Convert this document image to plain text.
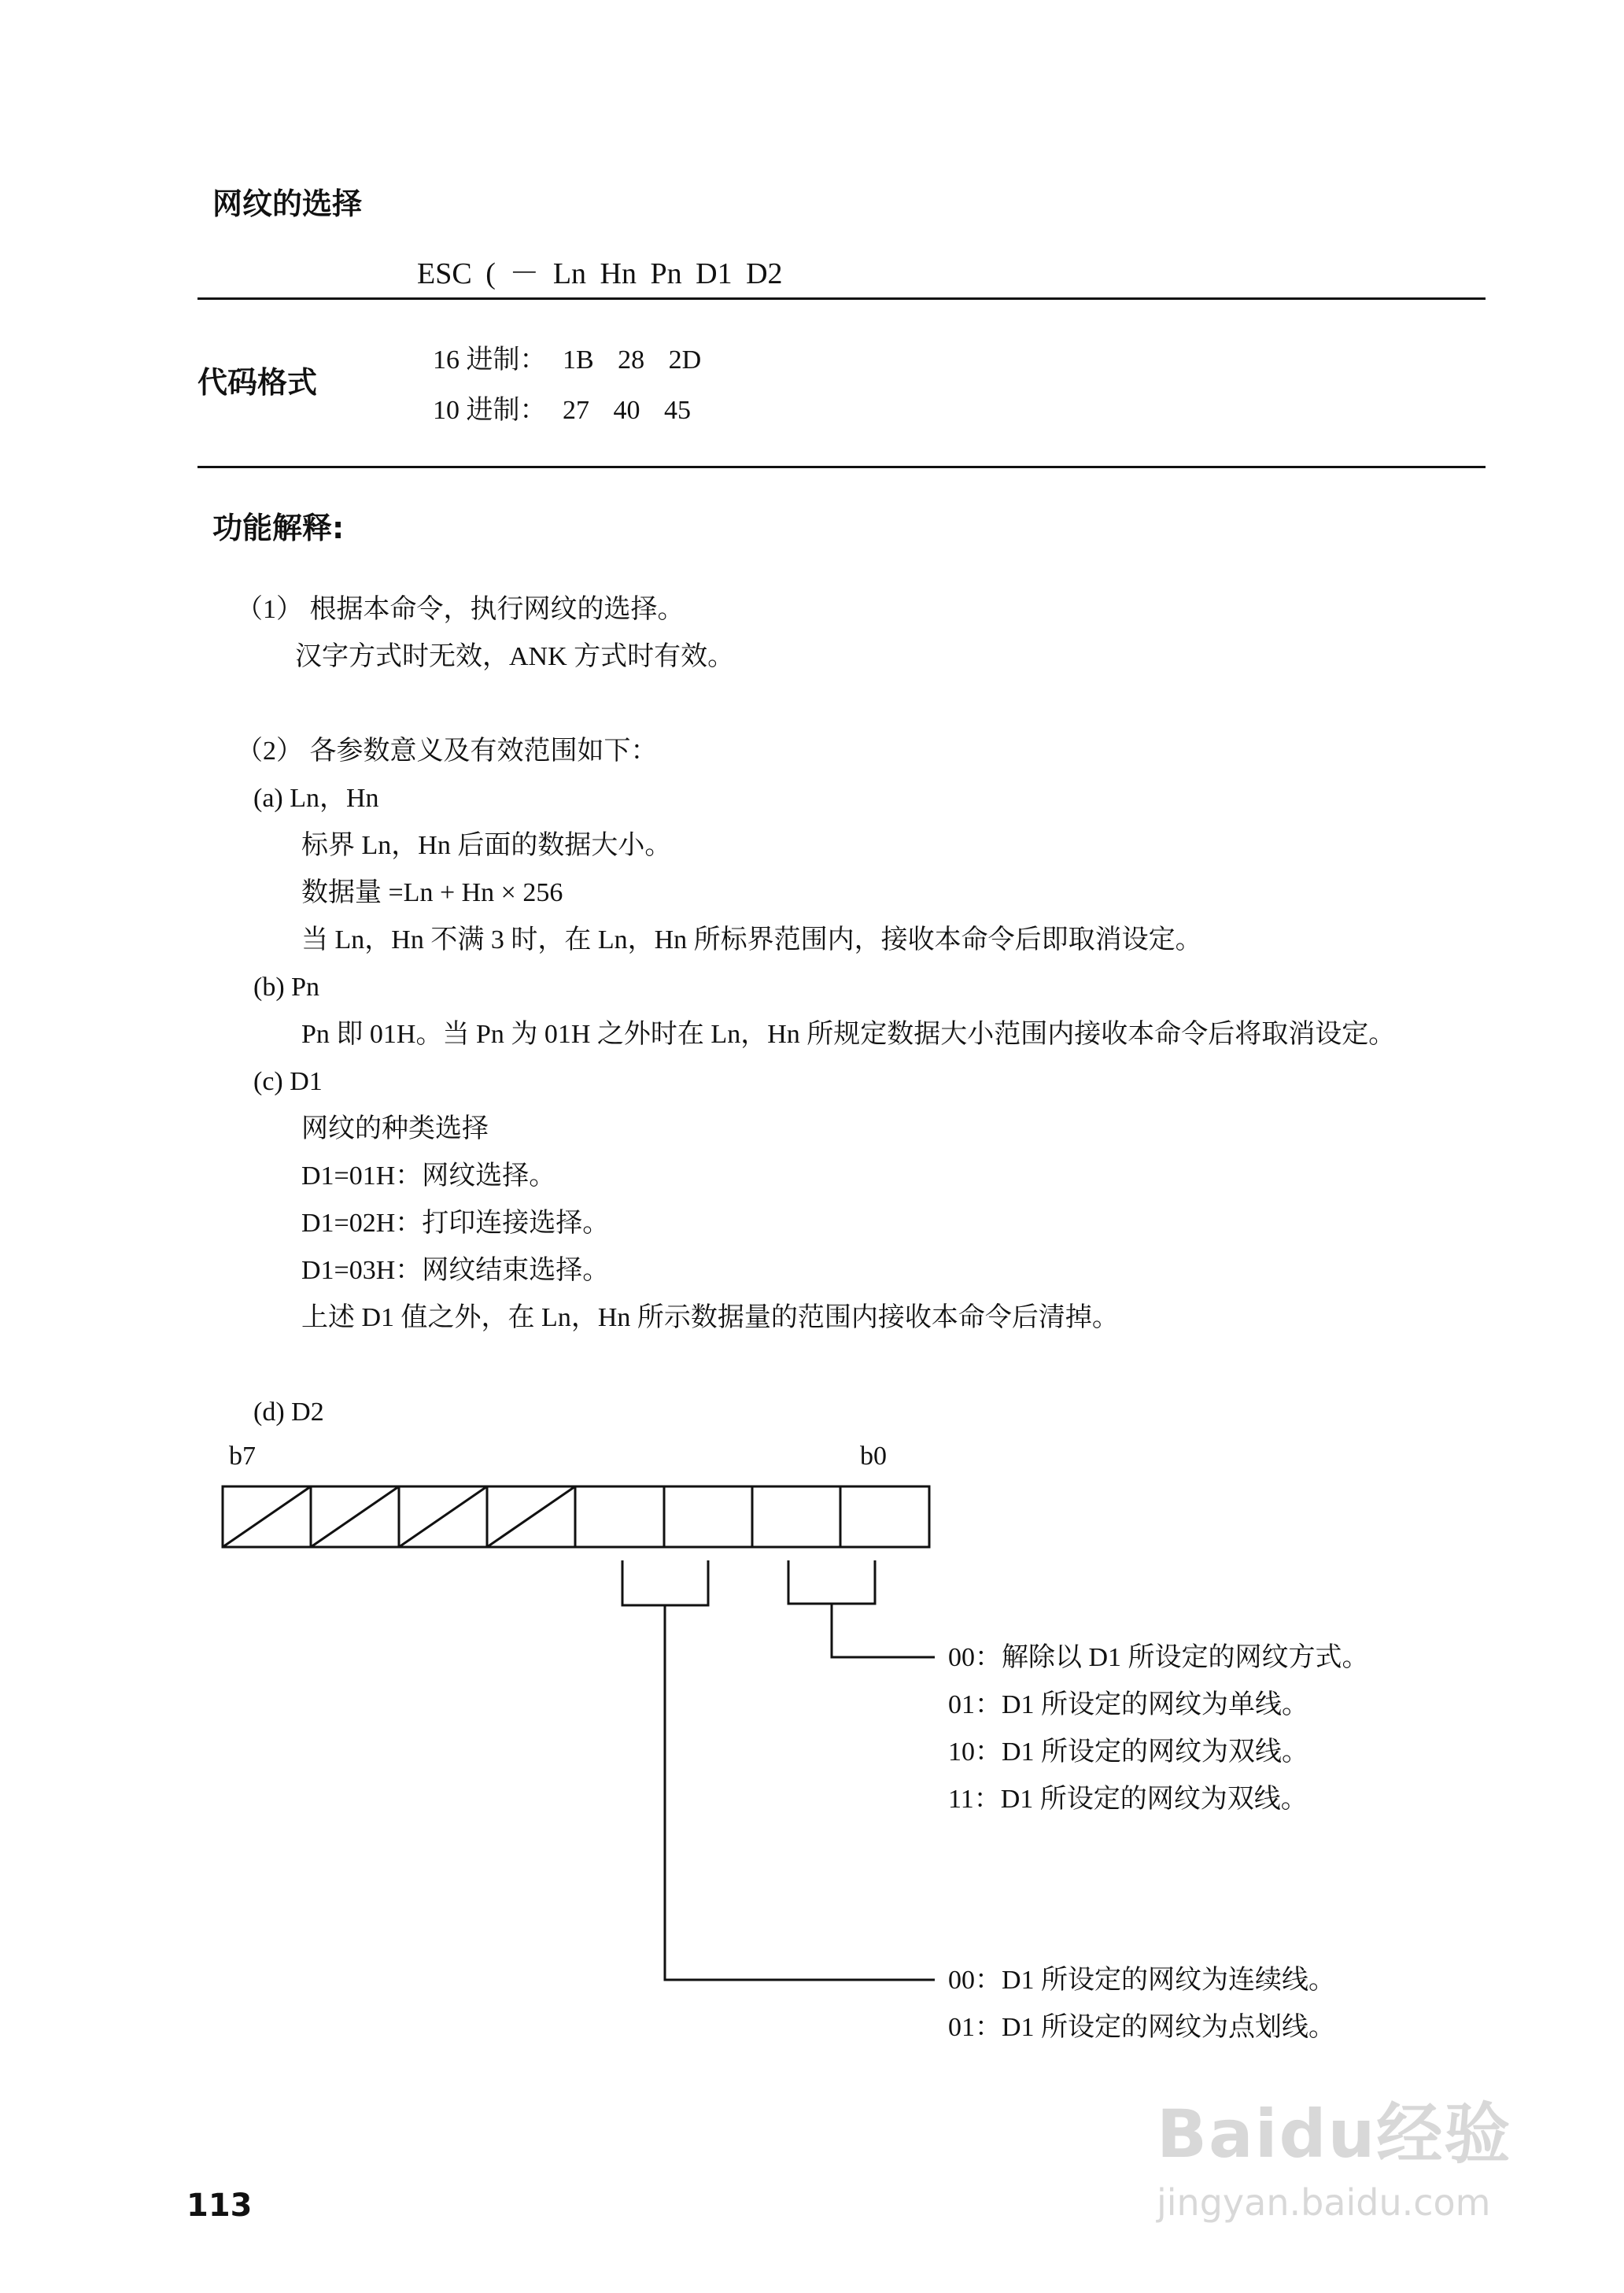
网纹的选择
ESC ( － Ln Hn Pn D1 D2
代码格式
16 进制： 1B 28 2D
10 进制： 27 40 45
功能解释:
（1） 根据本命令，执行网纹的选择。
汉字方式时无效，ANK 方式时有效。
（2） 各参数意义及有效范围如下：
(a) Ln，Hn
标界 Ln，Hn 后面的数据大小。
数据量 =Ln + Hn × 256
当 Ln，Hn 不满 3 时，在 Ln，Hn 所标界范围内，接收本命令后即取消设定。
(b) Pn
Pn 即 01H。当 Pn 为 01H 之外时在 Ln，Hn 所规定数据大小范围内接收本命令后将取消设定。
(c) D1
网纹的种类选择
D1=01H：网纹选择。
D1=02H：打印连接选择。
D1=03H：网纹结束选择。
上述 D1 值之外，在 Ln，Hn 所示数据量的范围内接收本命令后清掉。
(d) D2
b7	b0
00：解除以 D1 所设定的网纹方式。
01：D1 所设定的网纹为单线。
10：D1 所设定的网纹为双线。
11：D1 所设定的网纹为双线。
00：D1 所设定的网纹为连续线。
01：D1 所设定的网纹为点划线。
113
Baidu经验
jingyan.baidu.com
